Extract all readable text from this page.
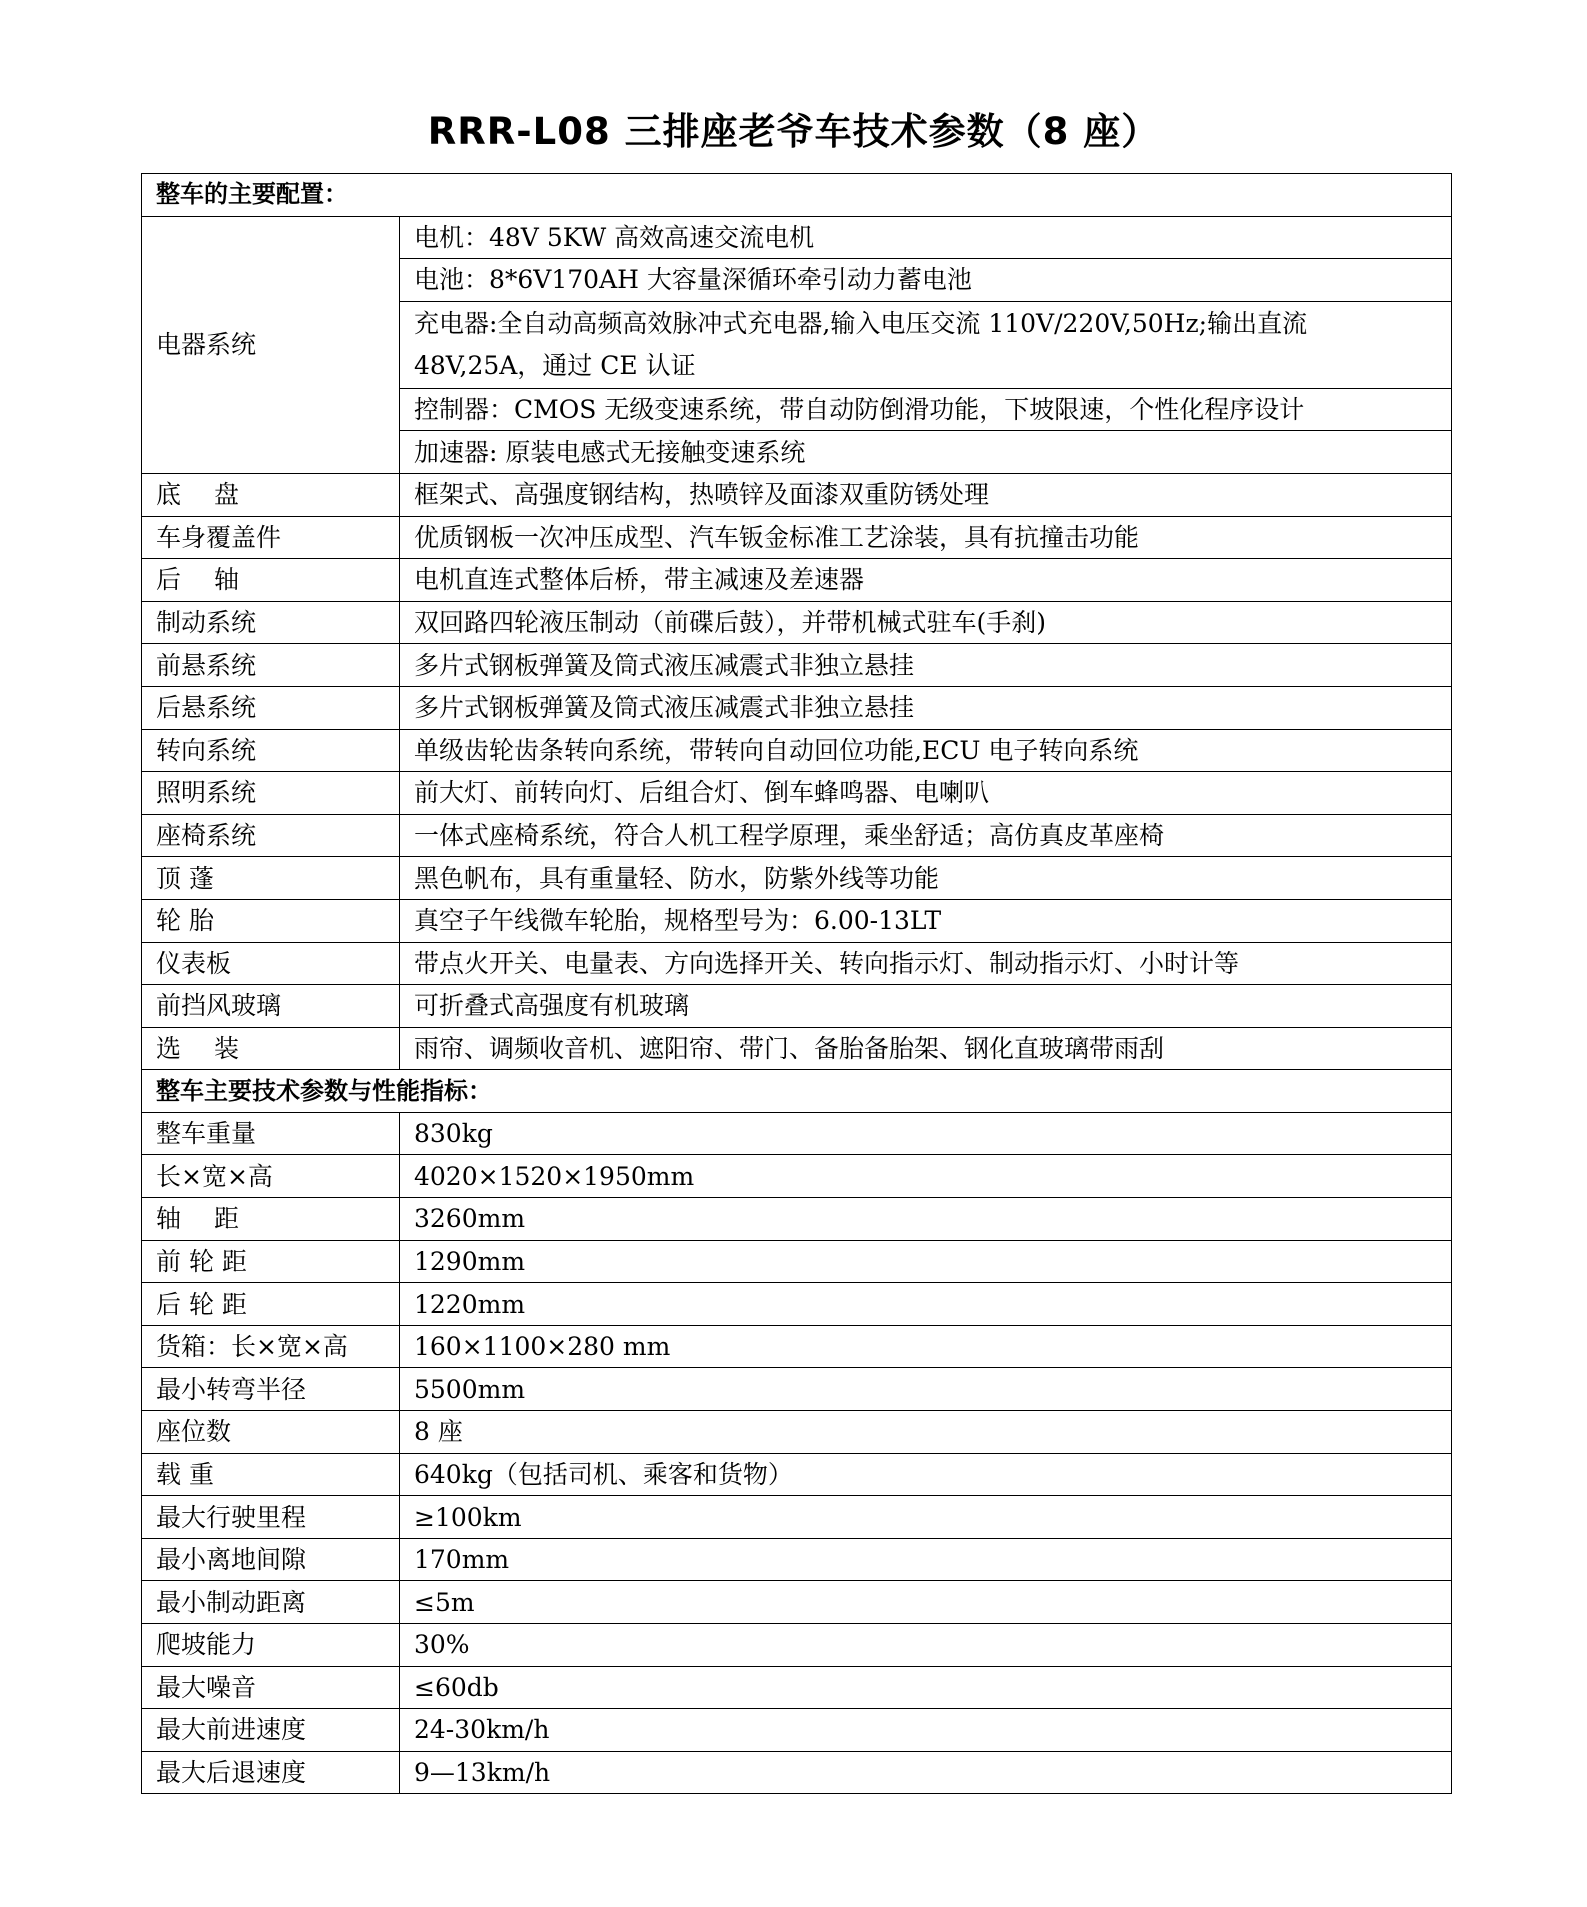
RRR-L08 三排座老爷车技术参数（8 座）
整车的主要配置：	
电器系统	电机：48V 5KW 高效高速交流电机
	电池：8*6V170AH 大容量深循环牵引动力蓄电池
	充电器:全自动高频高效脉冲式充电器,输入电压交流 110V/220V,50Hz;输出直流 48V,25A，通过 CE 认证
	控制器：CMOS 无级变速系统，带自动防倒滑功能，下坡限速，个性化程序设计
	加速器: 原装电感式无接触变速系统
底　 盘	框架式、高强度钢结构，热喷锌及面漆双重防锈处理
车身覆盖件	优质钢板一次冲压成型、汽车钣金标准工艺涂装，具有抗撞击功能
后　 轴	电机直连式整体后桥，带主减速及差速器
制动系统	双回路四轮液压制动（前碟后鼓），并带机械式驻车(手刹)
前悬系统	多片式钢板弹簧及筒式液压减震式非独立悬挂
后悬系统	多片式钢板弹簧及筒式液压减震式非独立悬挂
转向系统	单级齿轮齿条转向系统，带转向自动回位功能,ECU 电子转向系统
照明系统	前大灯、前转向灯、后组合灯、倒车蜂鸣器、电喇叭
座椅系统	一体式座椅系统，符合人机工程学原理，乘坐舒适；高仿真皮革座椅
顶 蓬	黑色帆布，具有重量轻、防水，防紫外线等功能
轮 胎	真空子午线微车轮胎，规格型号为：6.00-13LT
仪表板	带点火开关、电量表、方向选择开关、转向指示灯、制动指示灯、小时计等
前挡风玻璃	可折叠式高强度有机玻璃
选　 装	雨帘、调频收音机、遮阳帘、带门、备胎备胎架、钢化直玻璃带雨刮
整车主要技术参数与性能指标：	
整车重量	830kg
长×宽×高	4020×1520×1950mm
轴　 距	3260mm
前 轮 距	1290mm
后 轮 距	1220mm
货箱：长×宽×高	160×1100×280 mm
最小转弯半径	5500mm
座位数	8 座
载 重	640kg（包括司机、乘客和货物）
最大行驶里程	≥100km
最小离地间隙	170mm
最小制动距离	≤5m
爬坡能力	30%
最大噪音	≤60db
最大前进速度	24-30km/h
最大后退速度	9—13km/h
